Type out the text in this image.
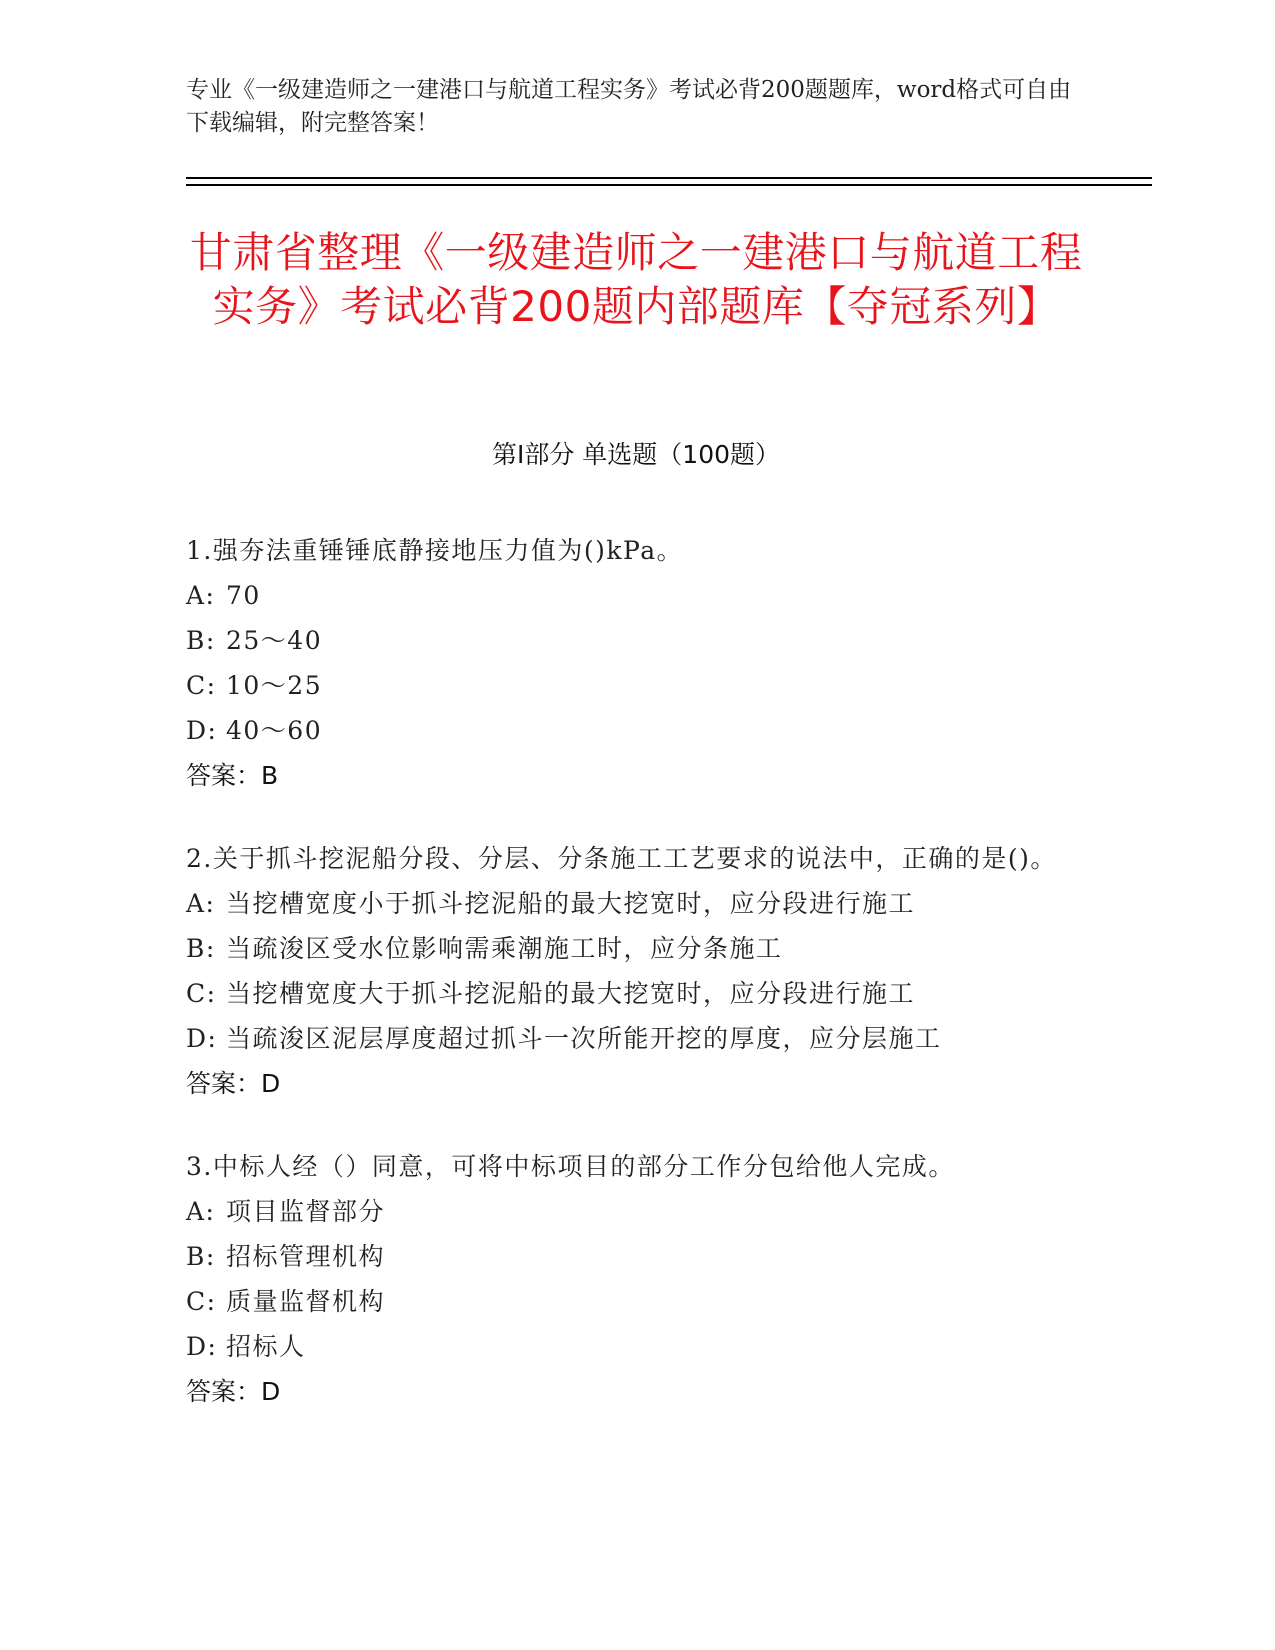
专业《一级建造师之一建港口与航道工程实务》考试必背200题题库，word格式可自由下载编辑，附完整答案！
甘肃省整理《一级建造师之一建港口与航道工程实务》考试必背200题内部题库【夺冠系列】
第Ⅰ部分 单选题（100题）

1.强夯法重锤锤底静接地压力值为()kPa。

A: 70
B: 25～40
C: 10～25
D: 40～60
答案：B

2.关于抓斗挖泥船分段、分层、分条施工工艺要求的说法中，正确的是()。

A: 当挖槽宽度小于抓斗挖泥船的最大挖宽时，应分段进行施工
B: 当疏浚区受水位影响需乘潮施工时，应分条施工
C: 当挖槽宽度大于抓斗挖泥船的最大挖宽时，应分段进行施工
D: 当疏浚区泥层厚度超过抓斗一次所能开挖的厚度，应分层施工
答案：D

3.中标人经（）同意，可将中标项目的部分工作分包给他人完成。

A: 项目监督部分
B: 招标管理机构
C: 质量监督机构
D: 招标人
答案：D
